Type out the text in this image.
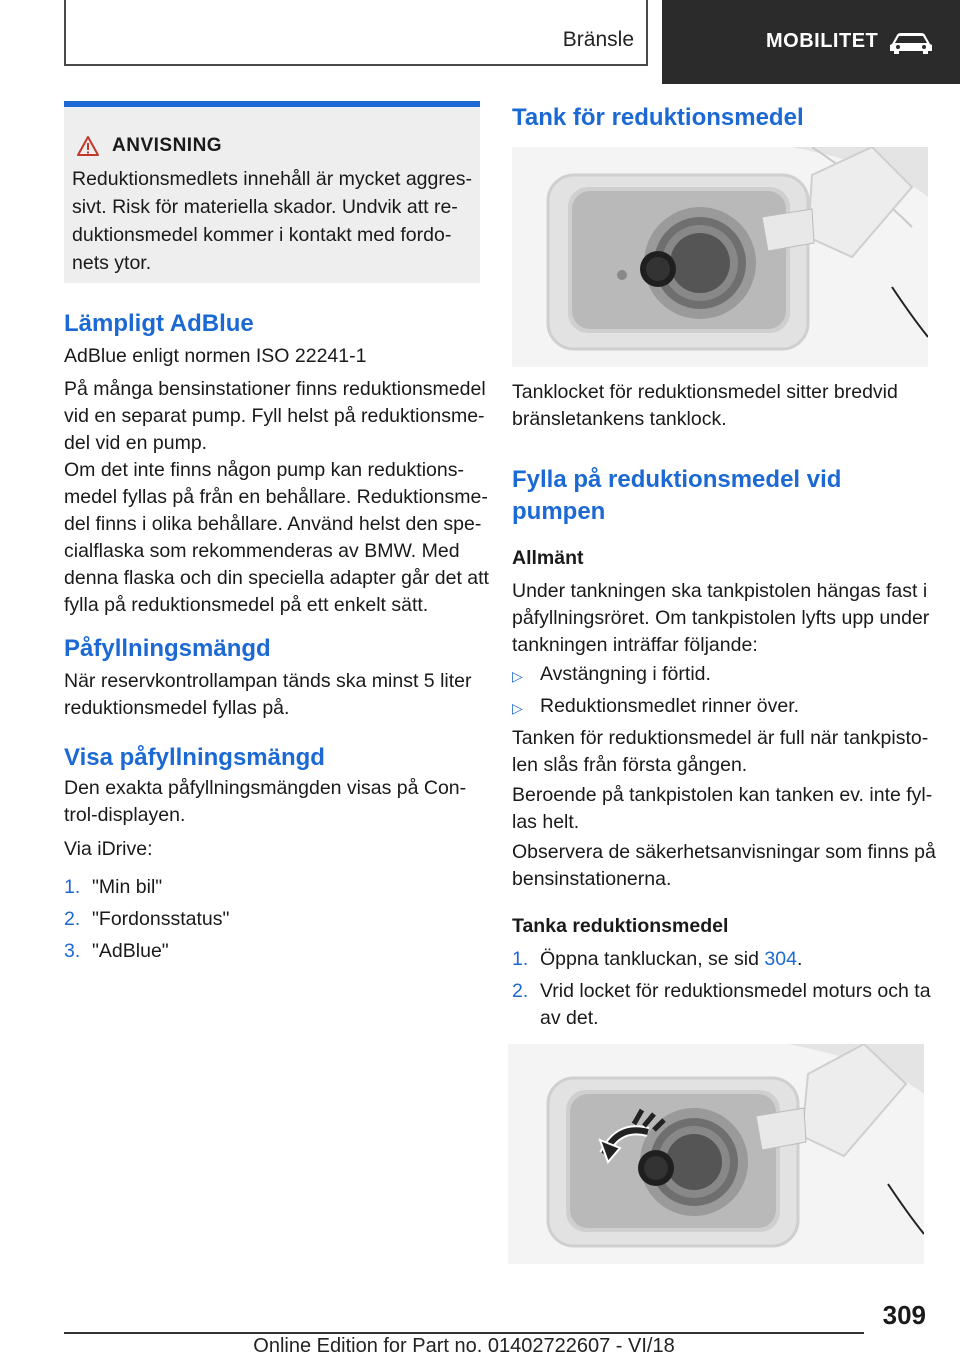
Bränsle	MOBILITET
ANVISNING
Reduktionsmedlets innehåll är mycket aggres-
sivt. Risk för materiella skador. Undvik att re-
duktionsmedel kommer i kontakt med fordo-
nets ytor.
Lämpligt AdBlue
AdBlue enligt normen ISO 22241-1
På många bensinstationer finns reduktionsmedel
vid en separat pump. Fyll helst på reduktionsme-
del vid en pump.
Om det inte finns någon pump kan reduktions-
medel fyllas på från en behållare. Reduktionsme-
del finns i olika behållare. Använd helst den spe-
cialflaska som rekommenderas av BMW. Med
denna flaska och din speciella adapter går det att
fylla på reduktionsmedel på ett enkelt sätt.
Påfyllningsmängd
När reservkontrollampan tänds ska minst 5 liter
reduktionsmedel fyllas på.
Visa påfyllningsmängd
Den exakta påfyllningsmängden visas på Con-
trol-displayen.
Via iDrive:
1. "Min bil"
2. "Fordonsstatus"
3. "AdBlue"
Tank för reduktionsmedel
Tanklocket för reduktionsmedel sitter bredvid
bränsletankens tanklock.
Fylla på reduktionsmedel vid
pumpen
Allmänt
Under tankningen ska tankpistolen hängas fast i
påfyllningsröret. Om tankpistolen lyfts upp under
tankningen inträffar följande:
▷ Avstängning i förtid.
▷ Reduktionsmedlet rinner över.
Tanken för reduktionsmedel är full när tankpisto-
len slås från första gången.
Beroende på tankpistolen kan tanken ev. inte fyl-
las helt.
Observera de säkerhetsanvisningar som finns på
bensinstationerna.
Tanka reduktionsmedel
1. Öppna tankluckan, se sid 304.
2. Vrid locket för reduktionsmedel moturs och ta
av det.
309
Online Edition for Part no. 01402722607 - VI/18
